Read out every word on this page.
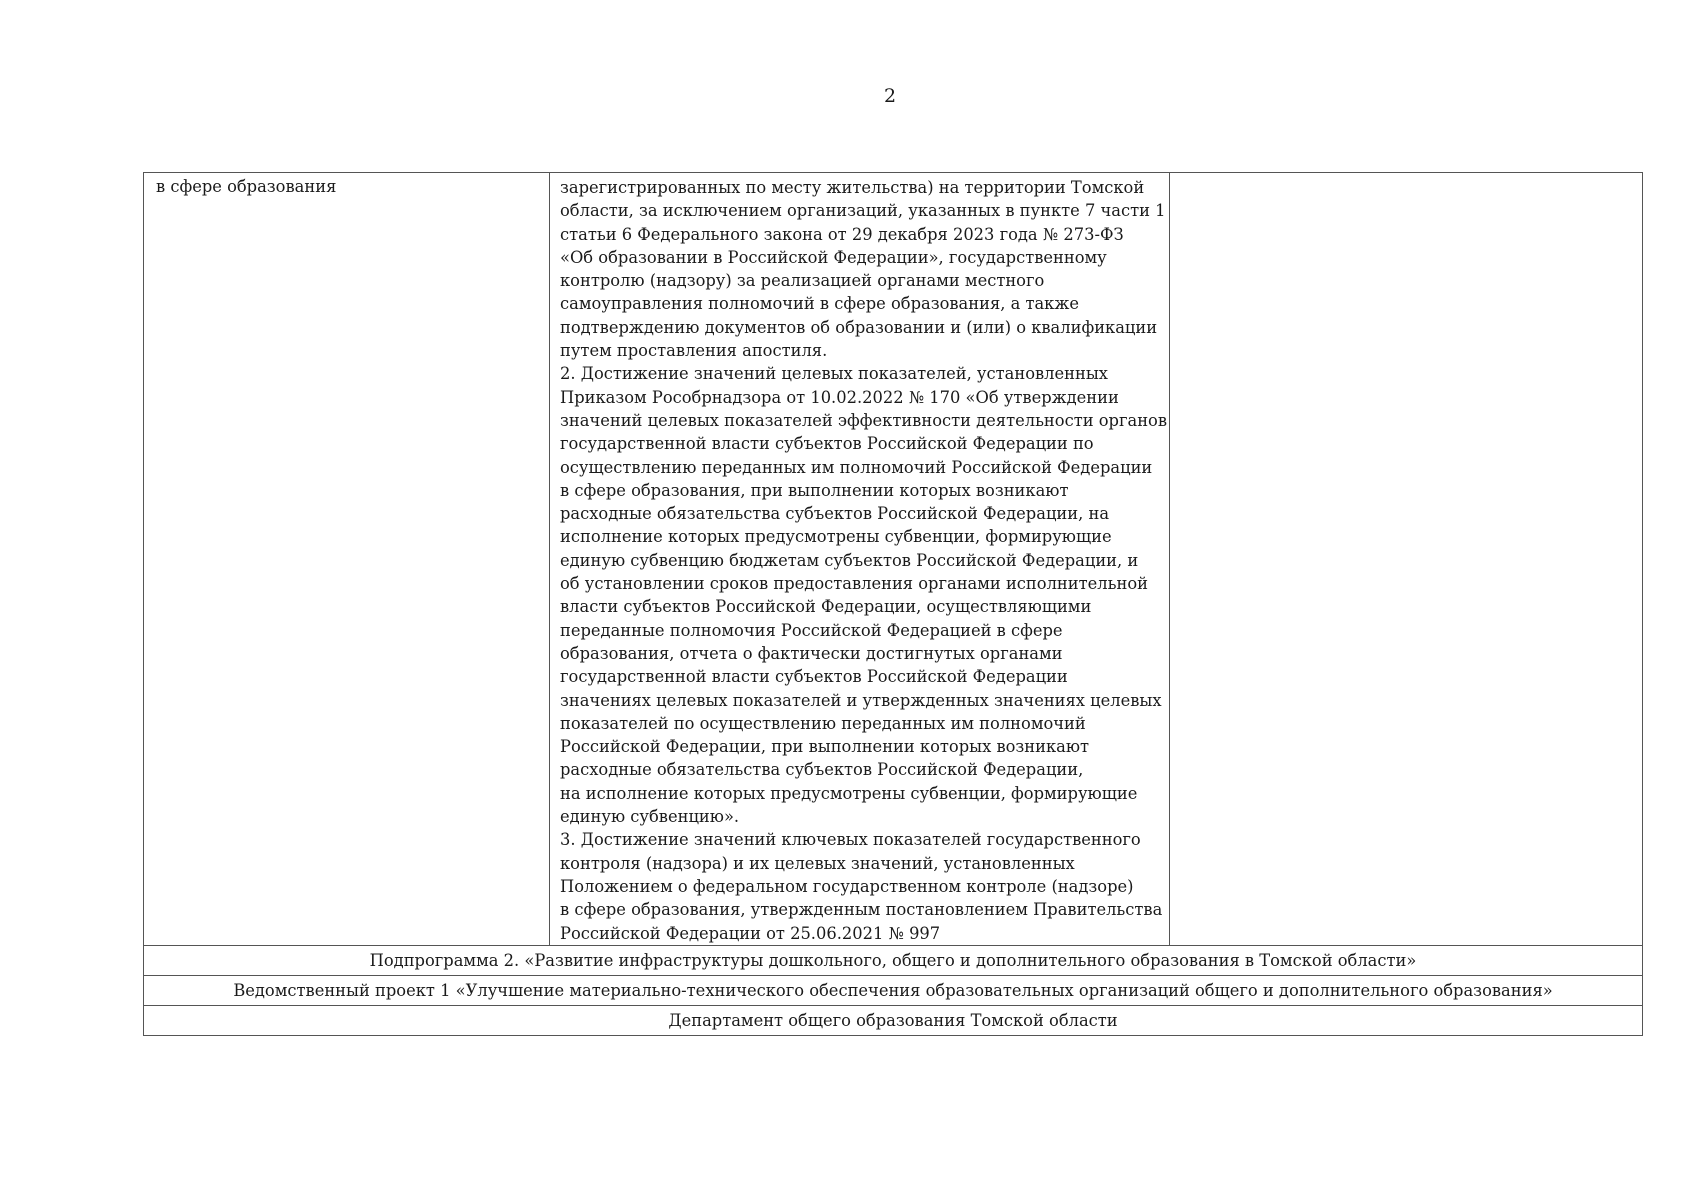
2
в сфере образования	зарегистрированных по месту жительства) на территории Томской
области, за исключением организаций, указанных в пункте 7 части 1
статьи 6 Федерального закона от 29 декабря 2023 года № 273-ФЗ
«Об образовании в Российской Федерации», государственному
контролю (надзору) за реализацией органами местного
самоуправления полномочий в сфере образования, а также
подтверждению документов об образовании и (или) о квалификации
путем проставления апостиля.
2. Достижение значений целевых показателей, установленных
Приказом Рособрнадзора от 10.02.2022 № 170 «Об утверждении
значений целевых показателей эффективности деятельности органов
государственной власти субъектов Российской Федерации по
осуществлению переданных им полномочий Российской Федерации
в сфере образования, при выполнении которых возникают
расходные обязательства субъектов Российской Федерации, на
исполнение которых предусмотрены субвенции, формирующие
единую субвенцию бюджетам субъектов Российской Федерации, и
об установлении сроков предоставления органами исполнительной
власти субъектов Российской Федерации, осуществляющими
переданные полномочия Российской Федерацией в сфере
образования, отчета о фактически достигнутых органами
государственной власти субъектов Российской Федерации
значениях целевых показателей и утвержденных значениях целевых
показателей по осуществлению переданных им полномочий
Российской Федерации, при выполнении которых возникают
расходные обязательства субъектов Российской Федерации,
на исполнение которых предусмотрены субвенции, формирующие
единую субвенцию».
3. Достижение значений ключевых показателей государственного
контроля (надзора) и их целевых значений, установленных
Положением о федеральном государственном контроле (надзоре)
в сфере образования, утвержденным постановлением Правительства
Российской Федерации от 25.06.2021 № 997

Подпрограмма 2. «Развитие инфраструктуры дошкольного, общего и дополнительного образования в Томской области»
Ведомственный проект 1 «Улучшение материально-технического обеспечения образовательных организаций общего и дополнительного образования»
Департамент общего образования Томской области
